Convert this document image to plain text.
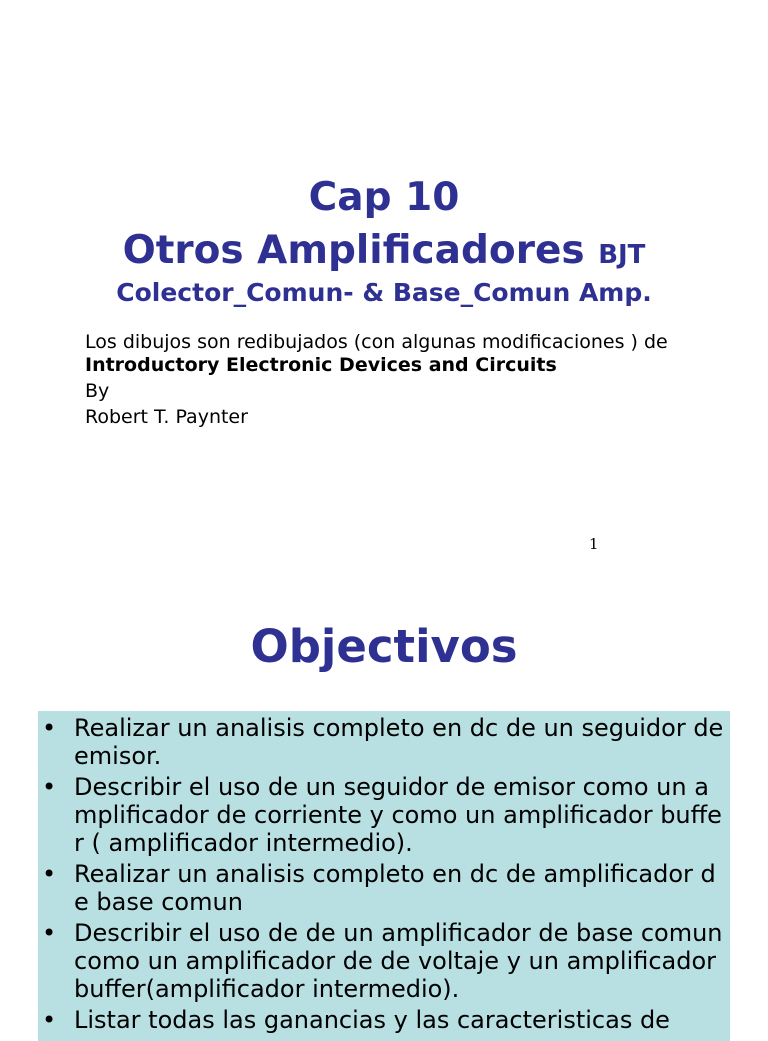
Cap 10
Otros Amplificadores BJT
Colector_Comun- & Base_Comun Amp.
Los dibujos son redibujados (con algunas modificaciones ) de Introductory Electronic Devices and Circuits
By
Robert T. Paynter
1
Objectivos
• Realizar un analisis completo en dc de un seguidor de emisor.
• Describir el uso de un seguidor de emisor como un amplificador de corriente y como un amplificador buffer ( amplificador intermedio).
• Realizar un analisis completo en dc de amplificador de base comun
• Describir el uso de de un amplificador de base comun como un amplificador de de voltaje y un amplificador buffer(amplificador intermedio).
• Listar todas las ganancias y las caracteristicas de
